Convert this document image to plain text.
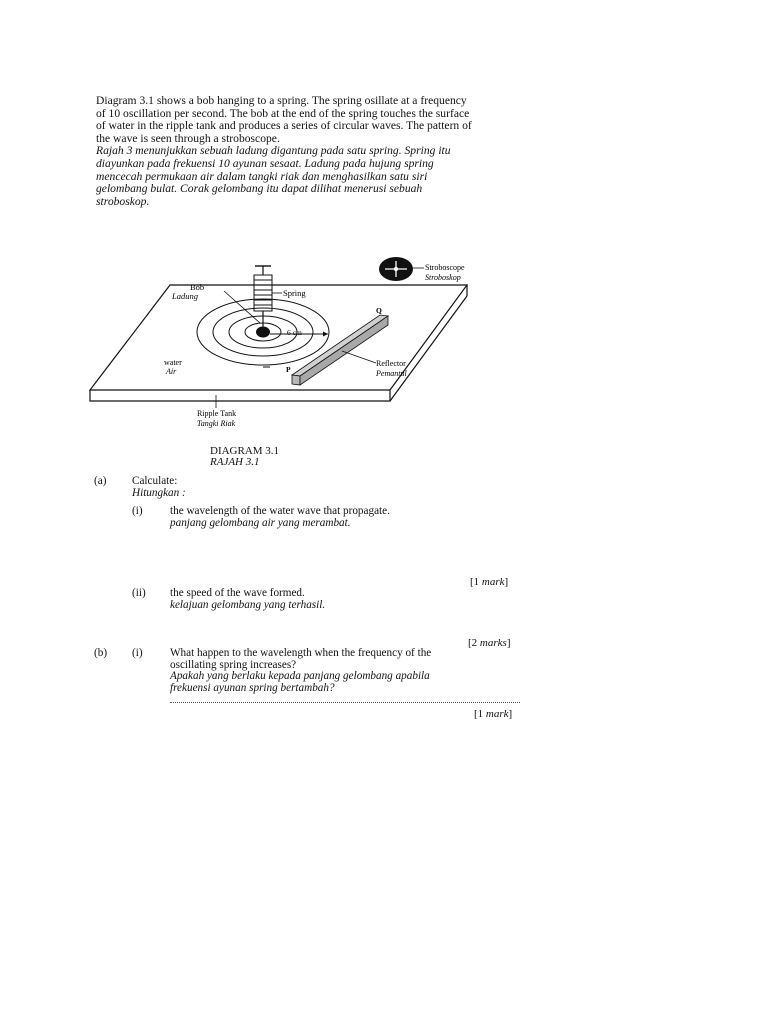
Diagram 3.1 shows a bob hanging to a spring. The spring osillate at a frequency
of 10 oscillation per second. The bob at the end of the spring touches the surface
of water in the ripple tank and produces a series of circular waves. The pattern of
the wave is seen through a stroboscope.
Rajah 3 menunjukkan sebuah ladung digantung pada satu spring. Spring itu
diayunkan pada frekuensi 10 ayunan sesaat. Ladung pada hujung spring
mencecah permukaan air dalam tangki riak dan menghasilkan satu siri
gelombang bulat. Corak gelombang itu dapat dilihat menerusi sebuah
stroboskop.
Bob
Ladung	Spring
Stroboscope
Stroboskop
6 cm
Q
P
Reflector
Pemantul
water
Air
Ripple Tank
Tangki Riak
DIAGRAM 3.1
RAJAH 3.1
(a) Calculate:
Hitungkan :
(i) the wavelength of the water wave that propagate.
panjang gelombang air yang merambat.
[1 mark]
(ii) the speed of the wave formed.
kelajuan gelombang yang terhasil.
[2 marks]
(b) (i) What happen to the wavelength when the frequency of the
oscillating spring increases?
Apakah yang berlaku kepada panjang gelombang apabila
frekuensi ayunan spring bertambah?
[1 mark]
